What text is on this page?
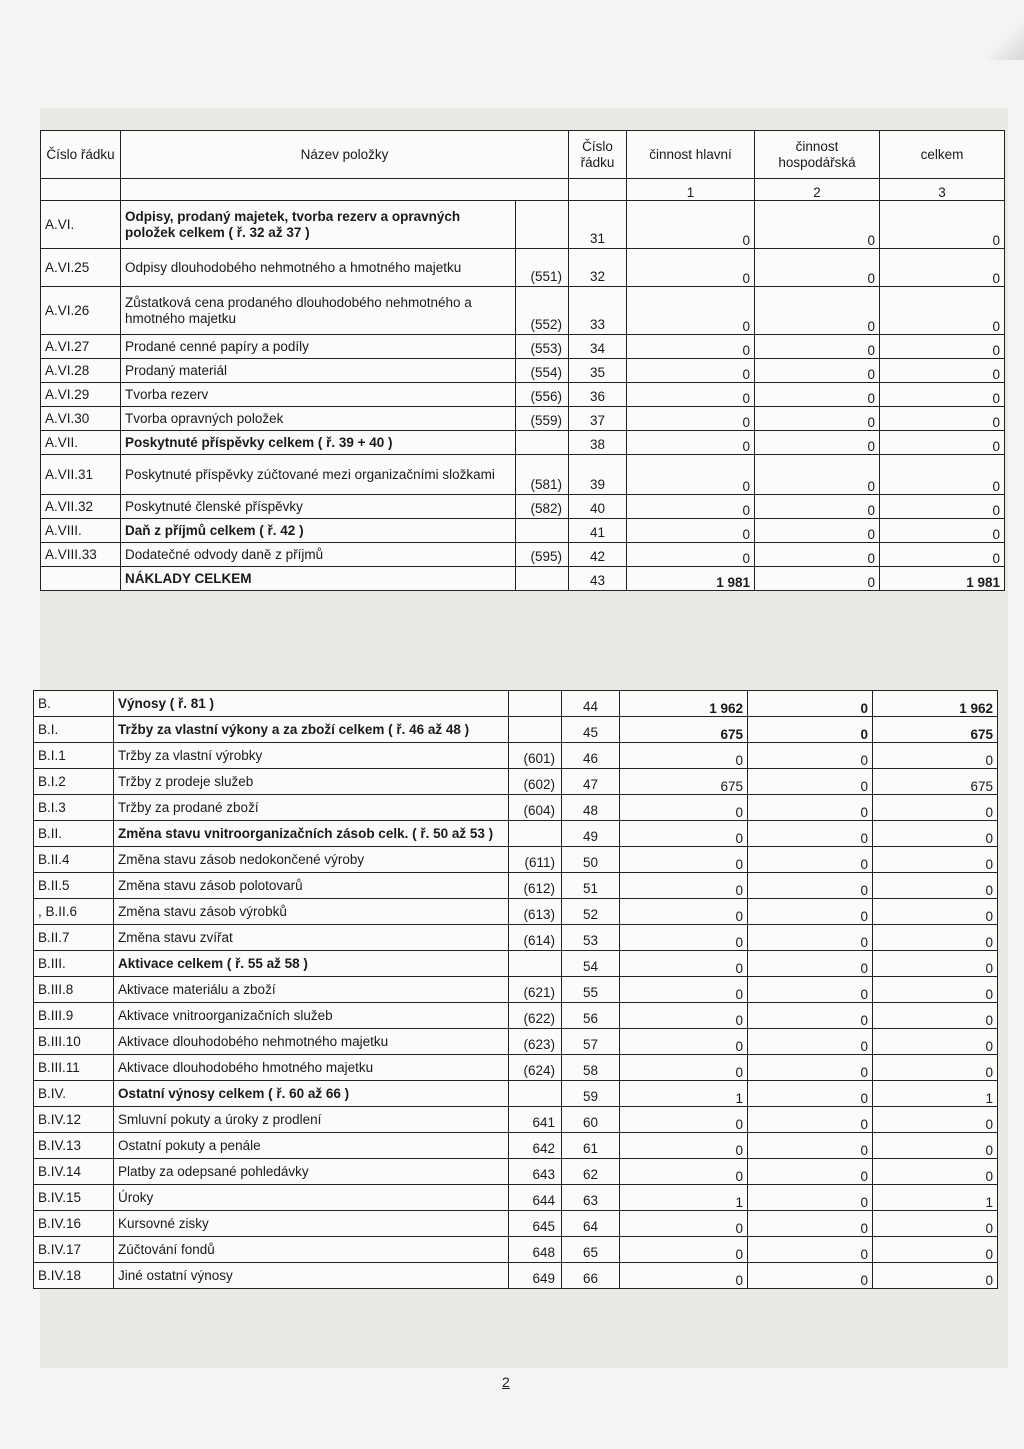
Číslo řádku	Název položky		Číslo řádku	činnost hlavní	činnost hospodářská	celkem
				1	2	3
A.VI.	Odpisy, prodaný majetek, tvorba rezerv a opravných položek celkem ( ř. 32 až 37 )		31	0	0	0
A.VI.25	Odpisy dlouhodobého nehmotného a hmotného majetku	(551)	32	0	0	0
A.VI.26	Zůstatková cena prodaného dlouhodobého nehmotného a hmotného majetku	(552)	33	0	0	0
A.VI.27	Prodané cenné papíry a podíly	(553)	34	0	0	0
A.VI.28	Prodaný materiál	(554)	35	0	0	0
A.VI.29	Tvorba rezerv	(556)	36	0	0	0
A.VI.30	Tvorba opravných položek	(559)	37	0	0	0
A.VII.	Poskytnuté příspěvky celkem ( ř. 39 + 40 )		38	0	0	0
A.VII.31	Poskytnuté příspěvky zúčtované mezi organizačními složkami	(581)	39	0	0	0
A.VII.32	Poskytnuté členské příspěvky	(582)	40	0	0	0
A.VIII.	Daň z příjmů celkem ( ř. 42 )		41	0	0	0
A.VIII.33	Dodatečné odvody daně z příjmů	(595)	42	0	0	0
	NÁKLADY CELKEM		43	1 981	0	1 981
B.	Výnosy ( ř. 81 )		44	1 962	0	1 962
B.I.	Tržby za vlastní výkony a za zboží celkem ( ř. 46 až 48 )		45	675	0	675
B.I.1	Tržby za vlastní výrobky	(601)	46	0	0	0
B.I.2	Tržby z prodeje služeb	(602)	47	675	0	675
B.I.3	Tržby za prodané zboží	(604)	48	0	0	0
B.II.	Změna stavu vnitroorganizačních zásob celk. ( ř. 50 až 53 )		49	0	0	0
B.II.4	Změna stavu zásob nedokončené výroby	(611)	50	0	0	0
B.II.5	Změna stavu zásob polotovarů	(612)	51	0	0	0
, B.II.6	Změna stavu zásob výrobků	(613)	52	0	0	0
B.II.7	Změna stavu zvířat	(614)	53	0	0	0
B.III.	Aktivace celkem ( ř. 55 až 58 )		54	0	0	0
B.III.8	Aktivace materiálu a zboží	(621)	55	0	0	0
B.III.9	Aktivace vnitroorganizačních služeb	(622)	56	0	0	0
B.III.10	Aktivace dlouhodobého nehmotného majetku	(623)	57	0	0	0
B.III.11	Aktivace dlouhodobého hmotného majetku	(624)	58	0	0	0
B.IV.	Ostatní výnosy celkem ( ř. 60 až 66 )		59	1	0	1
B.IV.12	Smluvní pokuty a úroky z prodlení	641	60	0	0	0
B.IV.13	Ostatní pokuty a penále	642	61	0	0	0
B.IV.14	Platby za odepsané pohledávky	643	62	0	0	0
B.IV.15	Úroky	644	63	1	0	1
B.IV.16	Kursovné zisky	645	64	0	0	0
B.IV.17	Zúčtování fondů	648	65	0	0	0
B.IV.18	Jiné ostatní výnosy	649	66	0	0	0
2
